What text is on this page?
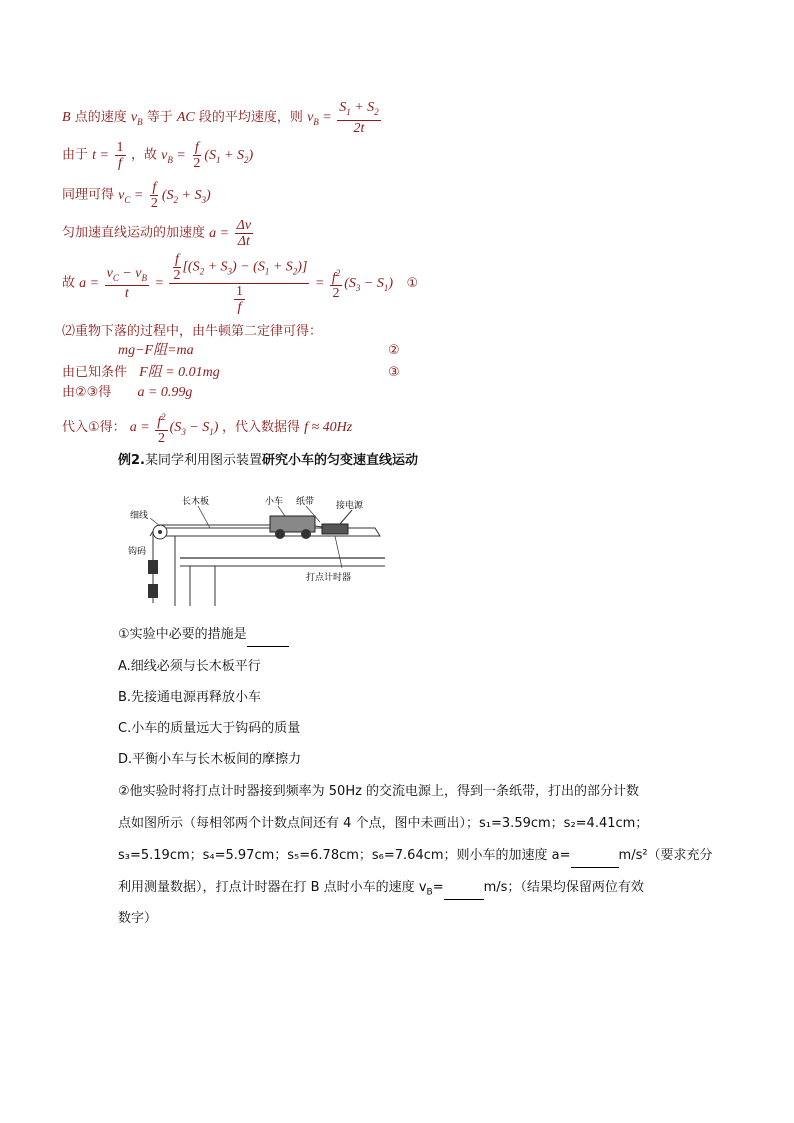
B 点的速度 $v_B$ 等于 AC 段的平均速度，则 $v_B = \frac{S_1 + S_2}{2t}$
由于 $t = \frac{1}{f}$ ，故 $v_B = \frac{f}{2} (S_1 + S_2)$
同理可得 $v_C = \frac{f}{2} (S_2 + S_3)$
匀加速直线运动的加速度 $a = \frac{\Delta v}{\Delta t}$
故 $a = \frac{v_C - v_B}{t} = \frac{\frac{f}{2} [(S_2 + S_3) - (S_1 + S_2)]}{\frac{1}{f}} = \frac{f^2}{2} (S_3 - S_1)$ ①
⑵重物下落的过程中，由牛顿第二定律可得：
mg−F阻=ma	②
由已知条件 F阻 = 0.01mg	③
由②③得 a = 0.99g
代入①得： $a = \frac{f^2}{2} (S_3 - S_1)$ ，代入数据得 f ≈ 40Hz
例2.某同学利用图示装置研究小车的匀变速直线运动
细线
长木板	小车 纸带 接电源
钩码
打点计时器
①实验中必要的措施是
A.细线必须与长木板平行
B.先接通电源再释放小车
C.小车的质量远大于钩码的质量
D.平衡小车与长木板间的摩擦力
②他实验时将打点计时器接到频率为 50Hz 的交流电源上，得到一条纸带，打出的部分计数
点如图所示（每相邻两个计数点间还有 4 个点，图中未画出）；s₁=3.59cm；s₂=4.41cm；
s₃=5.19cm；s₄=5.97cm；s₅=6.78cm；s₆=7.64cm；则小车的加速度 a=	m/s²（要求充分
利用测量数据），打点计时器在打 B 点时小车的速度 $v_B=$	m/s；（结果均保留两位有效
数字）
